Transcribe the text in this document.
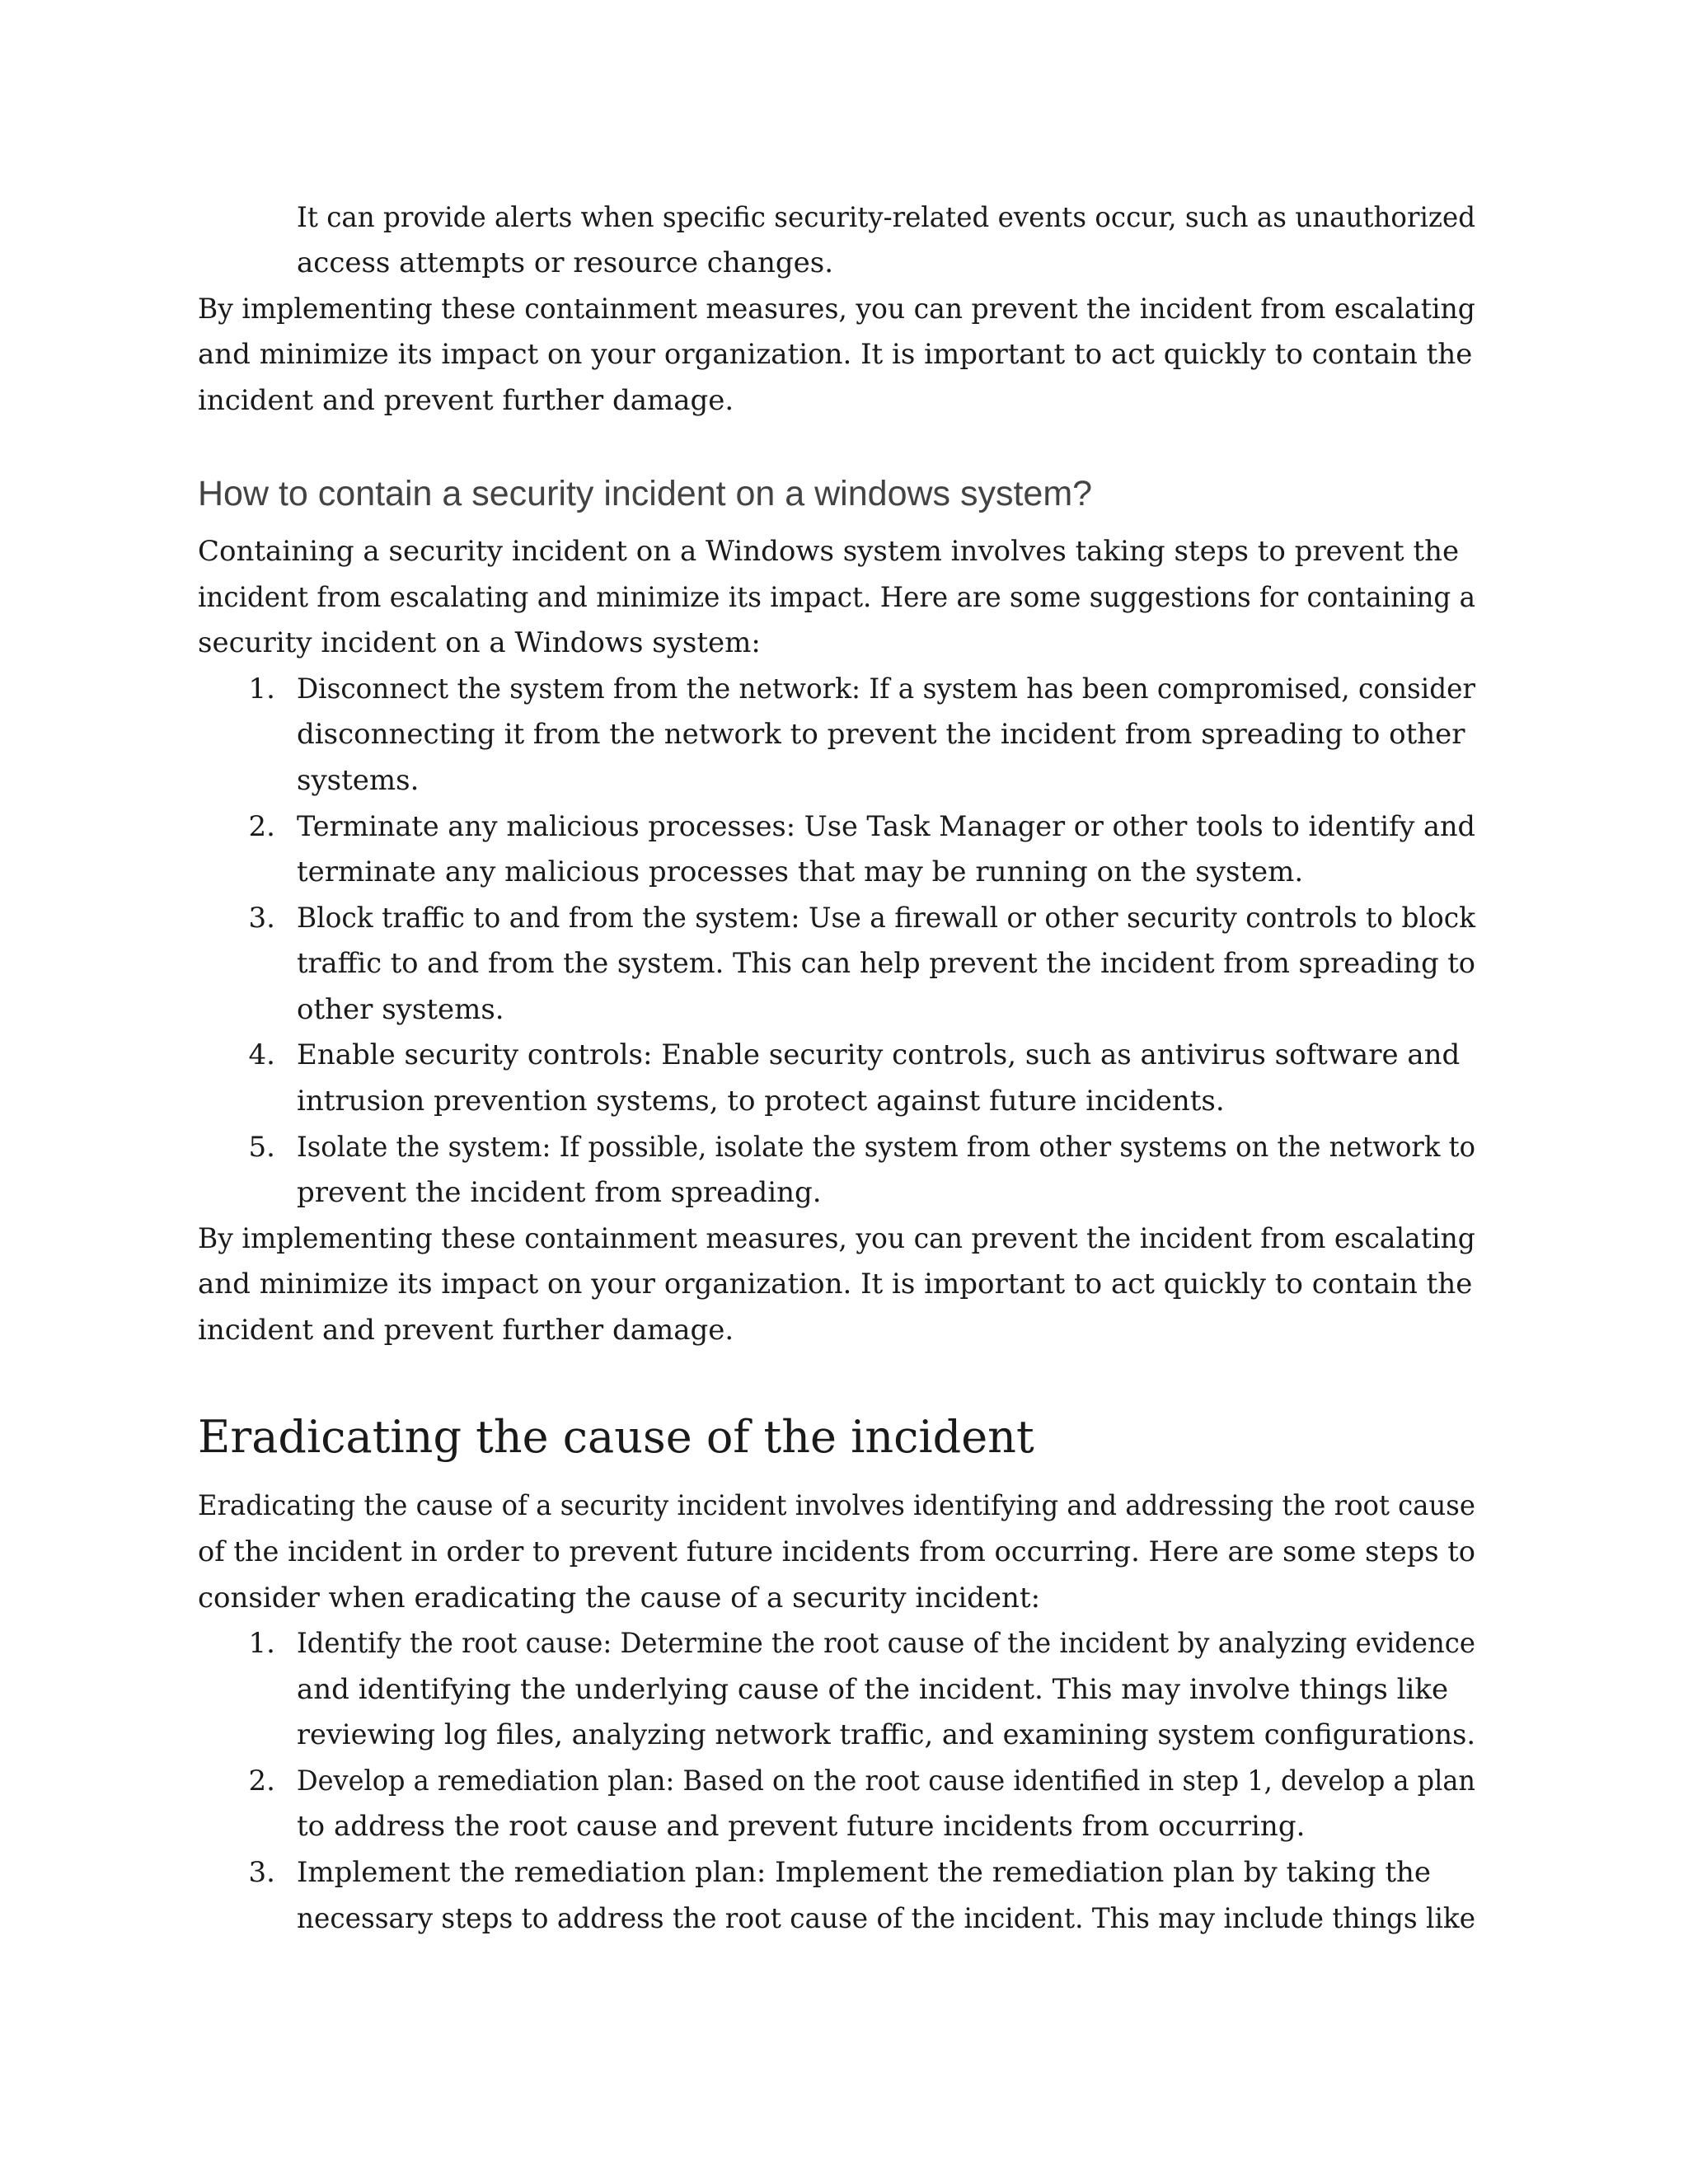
It can provide alerts when specific security-related events occur, such as unauthorized
access attempts or resource changes.
By implementing these containment measures, you can prevent the incident from escalating
and minimize its impact on your organization. It is important to act quickly to contain the
incident and prevent further damage.
How to contain a security incident on a windows system?
Containing a security incident on a Windows system involves taking steps to prevent the
incident from escalating and minimize its impact. Here are some suggestions for containing a
security incident on a Windows system:
1. Disconnect the system from the network: If a system has been compromised, consider
disconnecting it from the network to prevent the incident from spreading to other
systems.
2. Terminate any malicious processes: Use Task Manager or other tools to identify and
terminate any malicious processes that may be running on the system.
3. Block traffic to and from the system: Use a firewall or other security controls to block
traffic to and from the system. This can help prevent the incident from spreading to
other systems.
4. Enable security controls: Enable security controls, such as antivirus software and
intrusion prevention systems, to protect against future incidents.
5. Isolate the system: If possible, isolate the system from other systems on the network to
prevent the incident from spreading.
By implementing these containment measures, you can prevent the incident from escalating
and minimize its impact on your organization. It is important to act quickly to contain the
incident and prevent further damage.
Eradicating the cause of the incident
Eradicating the cause of a security incident involves identifying and addressing the root cause
of the incident in order to prevent future incidents from occurring. Here are some steps to
consider when eradicating the cause of a security incident:
1. Identify the root cause: Determine the root cause of the incident by analyzing evidence
and identifying the underlying cause of the incident. This may involve things like
reviewing log files, analyzing network traffic, and examining system configurations.
2. Develop a remediation plan: Based on the root cause identified in step 1, develop a plan
to address the root cause and prevent future incidents from occurring.
3. Implement the remediation plan: Implement the remediation plan by taking the
necessary steps to address the root cause of the incident. This may include things like
